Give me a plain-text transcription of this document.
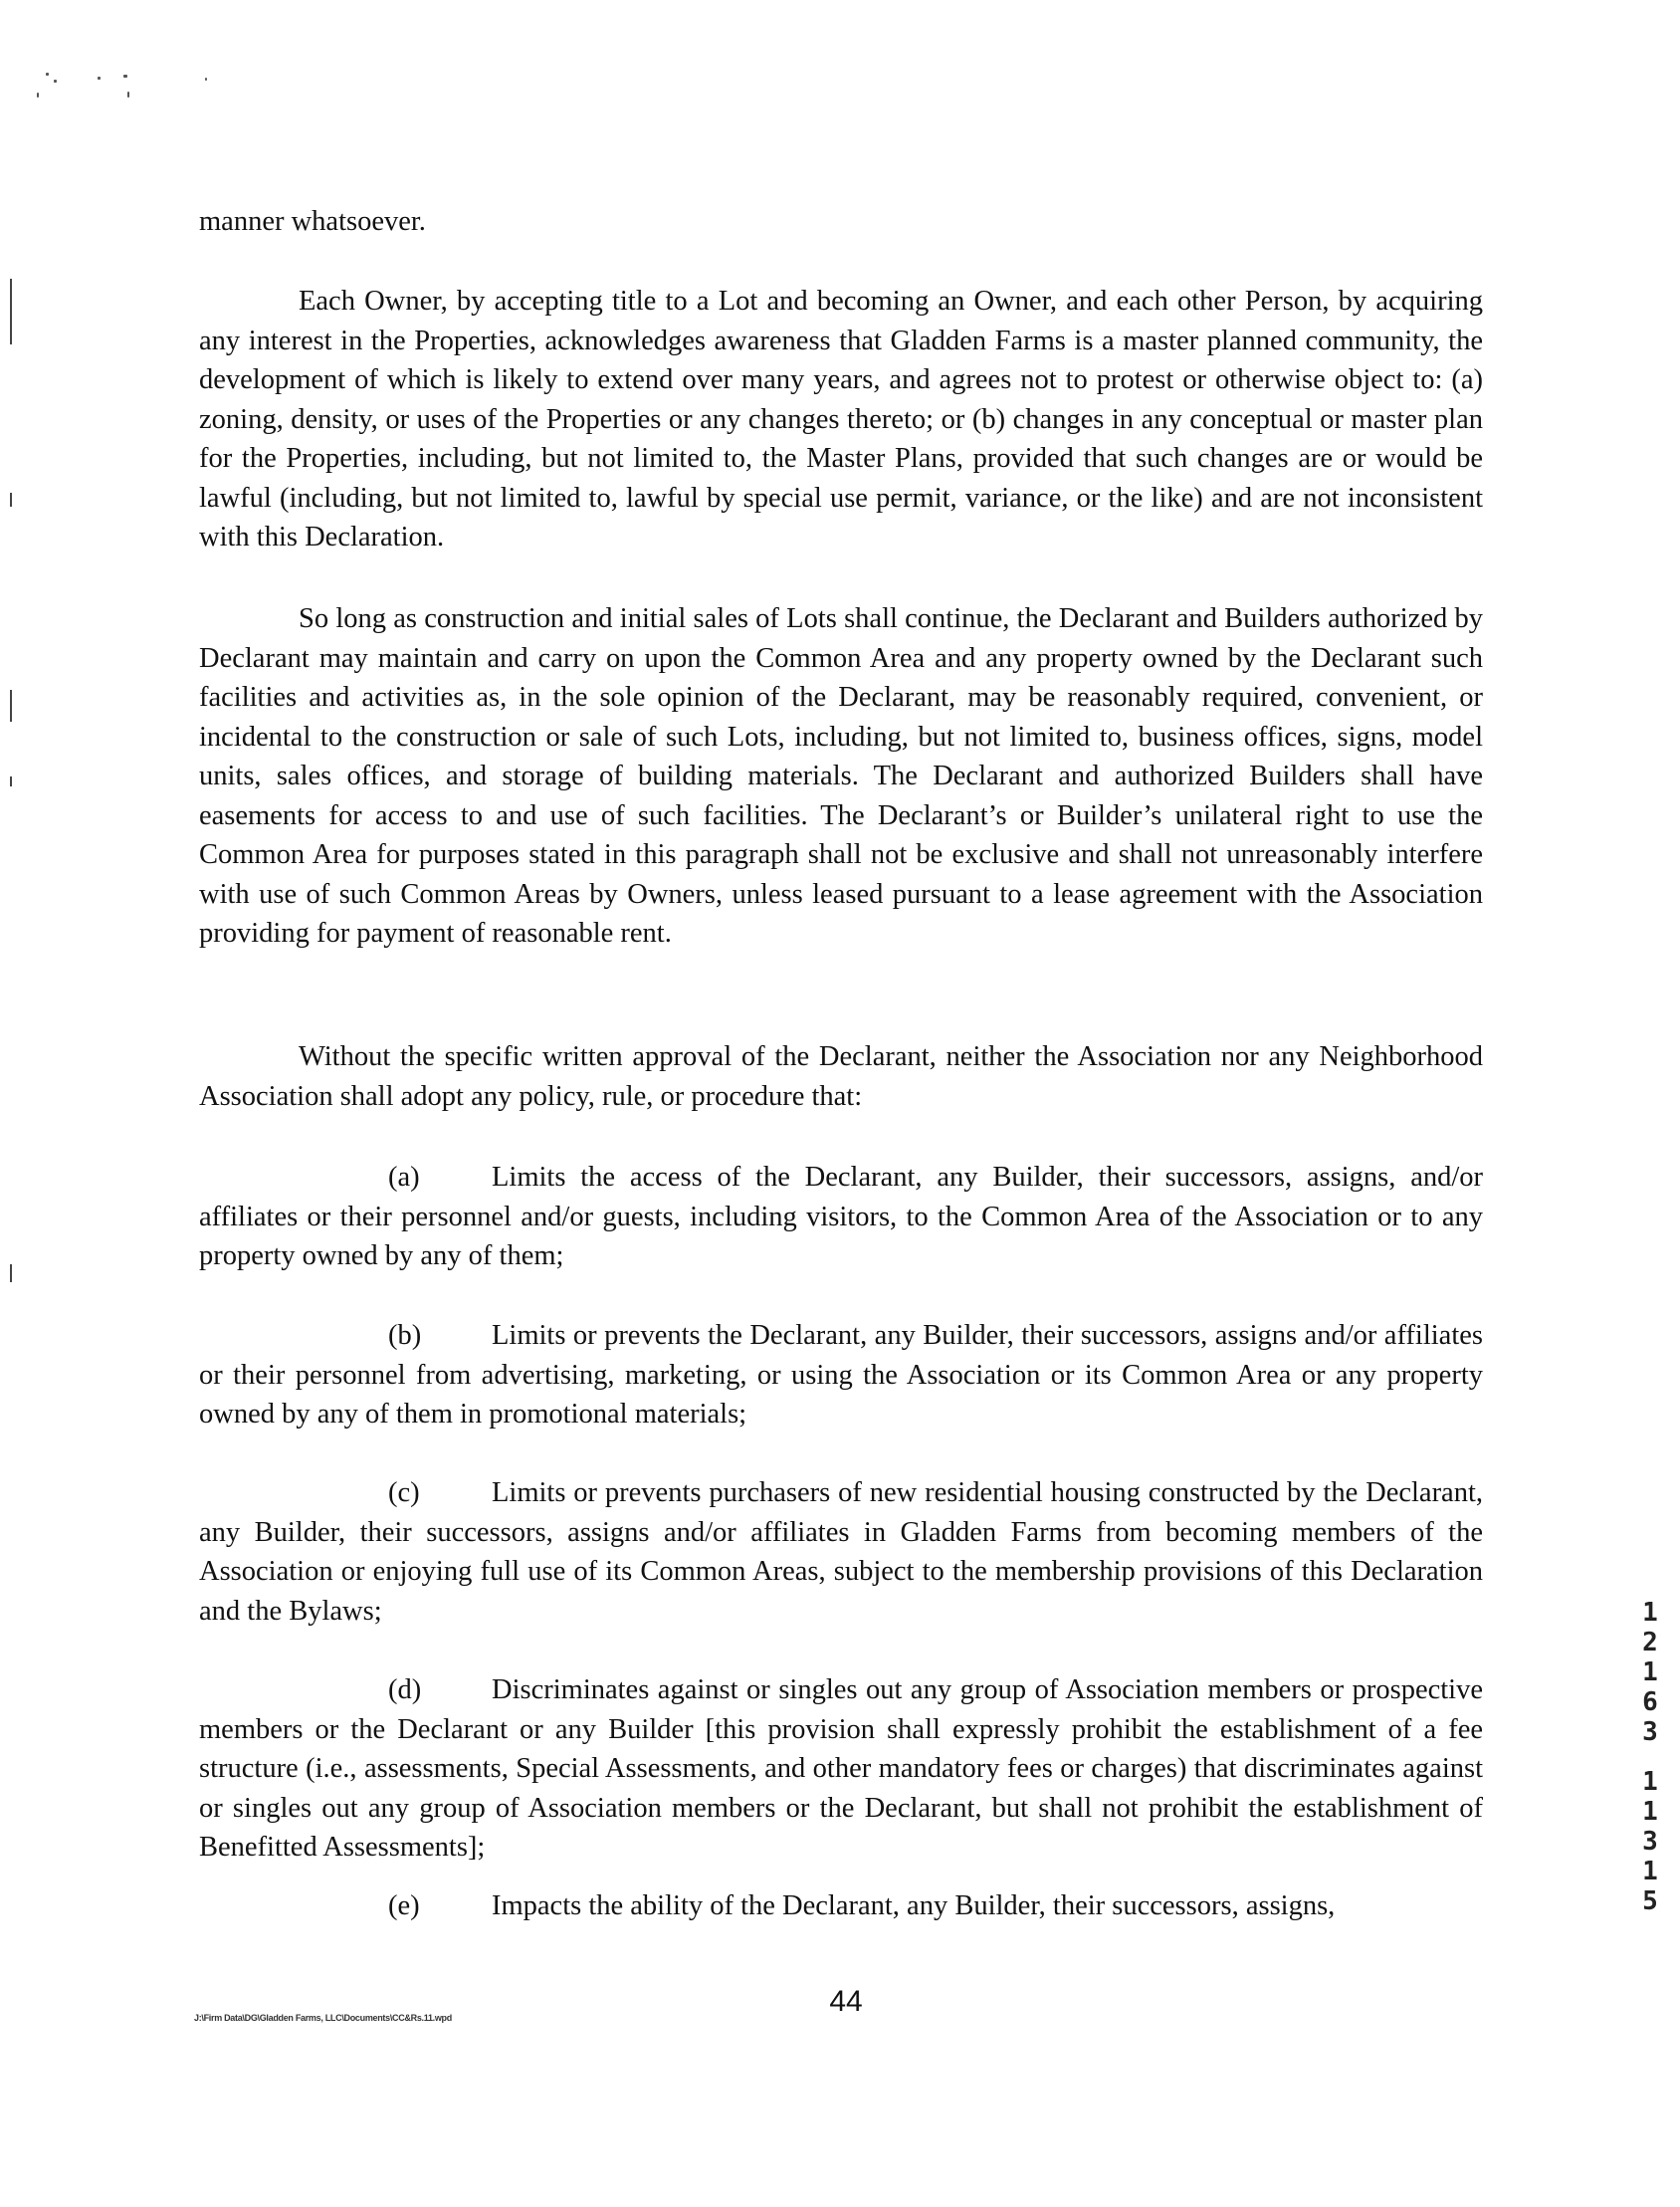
manner whatsoever.

Each Owner, by accepting title to a Lot and becoming an Owner, and each other Person, by acquiring any interest in the Properties, acknowledges awareness that Gladden Farms is a master planned community, the development of which is likely to extend over many years, and agrees not to protest or otherwise object to: (a) zoning, density, or uses of the Properties or any changes thereto; or (b) changes in any conceptual or master plan for the Properties, including, but not limited to, the Master Plans, provided that such changes are or would be lawful (including, but not limited to, lawful by special use permit, variance, or the like) and are not inconsistent with this Declaration.

So long as construction and initial sales of Lots shall continue, the Declarant and Builders authorized by Declarant may maintain and carry on upon the Common Area and any property owned by the Declarant such facilities and activities as, in the sole opinion of the Declarant, may be reasonably required, convenient, or incidental to the construction or sale of such Lots, including, but not limited to, business offices, signs, model units, sales offices, and storage of building materials. The Declarant and authorized Builders shall have easements for access to and use of such facilities. The Declarant’s or Builder’s unilateral right to use the Common Area for purposes stated in this paragraph shall not be exclusive and shall not unreasonably interfere with use of such Common Areas by Owners, unless leased pursuant to a lease agreement with the Association providing for payment of reasonable rent.

Without the specific written approval of the Declarant, neither the Association nor any Neighborhood Association shall adopt any policy, rule, or procedure that:

(a)	Limits the access of the Declarant, any Builder, their successors, assigns, and/or affiliates or their personnel and/or guests, including visitors, to the Common Area of the Association or to any property owned by any of them;

(b) Limits or prevents the Declarant, any Builder, their successors, assigns and/or affiliates or their personnel from advertising, marketing, or using the Association or its Common Area or any property owned by any of them in promotional materials;

(c)	Limits or prevents purchasers of new residential housing constructed by the Declarant, any Builder, their successors, assigns and/or affiliates in Gladden Farms from becoming members of the Association or enjoying full use of its Common Areas, subject to the membership provisions of this Declaration and the Bylaws;

(d) Discriminates against or singles out any group of Association members or prospective members or the Declarant or any Builder [this provision shall expressly prohibit the establishment of a fee structure (i.e., assessments, Special Assessments, and other mandatory fees or charges) that discriminates against or singles out any group of Association members or the Declarant, but shall not prohibit the establishment of Benefitted Assessments];

(e)	Impacts the ability of the Declarant, any Builder, their successors, assigns,

44
J:\Firm Data\DG\Gladden Farms, LLC\Documents\CC&Rs.11.wpd
1
2
1
6
3
1
1
3
1
5
